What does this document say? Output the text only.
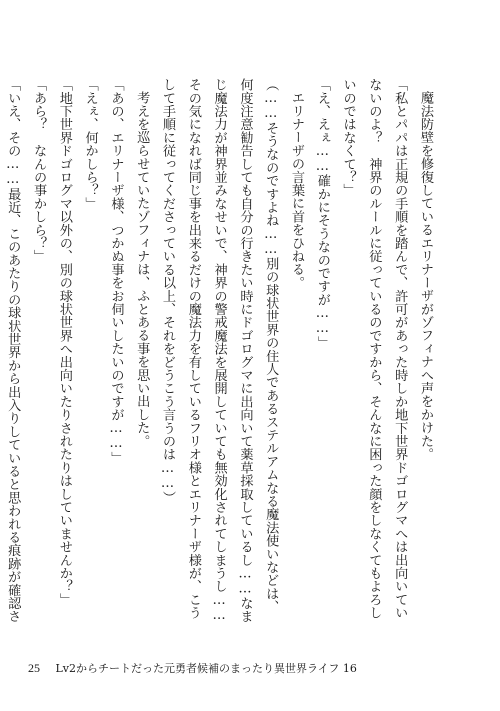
魔法防壁を修復しているエリナーザがゾフィナへ声をかけた。

「私とパパは正規の手順を踏んで、許可があった時しか地下世界ドゴログマへは出向いていないのよ？　神界のルールに従っているのですから、そんなに困った顔をしなくてもよろしいのではなくて？」

「え、えぇ……確かにそうなのですが……」

エリナーザの言葉に首をひねる。

（……そうなのですよね……別の球状世界の住人であるステルアムなる魔法使いなどは、何度注意勧告しても自分の行きたい時にドゴログマに出向いて薬草採取しているし……なまじ魔法力が神界並みなせいで、神界の警戒魔法を展開していても無効化されてしまうし……その気になれば同じ事を出来るだけの魔法力を有しているフリオ様とエリナーザ様が、こうして手順に従ってくださっている以上、それをどうこう言うのは……）

考えを巡らせていたゾフィナは、ふとある事を思い出した。

「あの、エリナーザ様、つかぬ事をお伺いしたいのですが……」

「えぇ、何かしら？」

「地下世界ドゴログマ以外の、別の球状世界へ出向いたりされたりはしていませんか？」

「あら？　なんの事かしら？」

「いえ、その……最近、このあたりの球状世界から出入りしていると思われる痕跡が確認さ

25 Lv2からチートだった元勇者候補のまったり異世界ライフ 16
